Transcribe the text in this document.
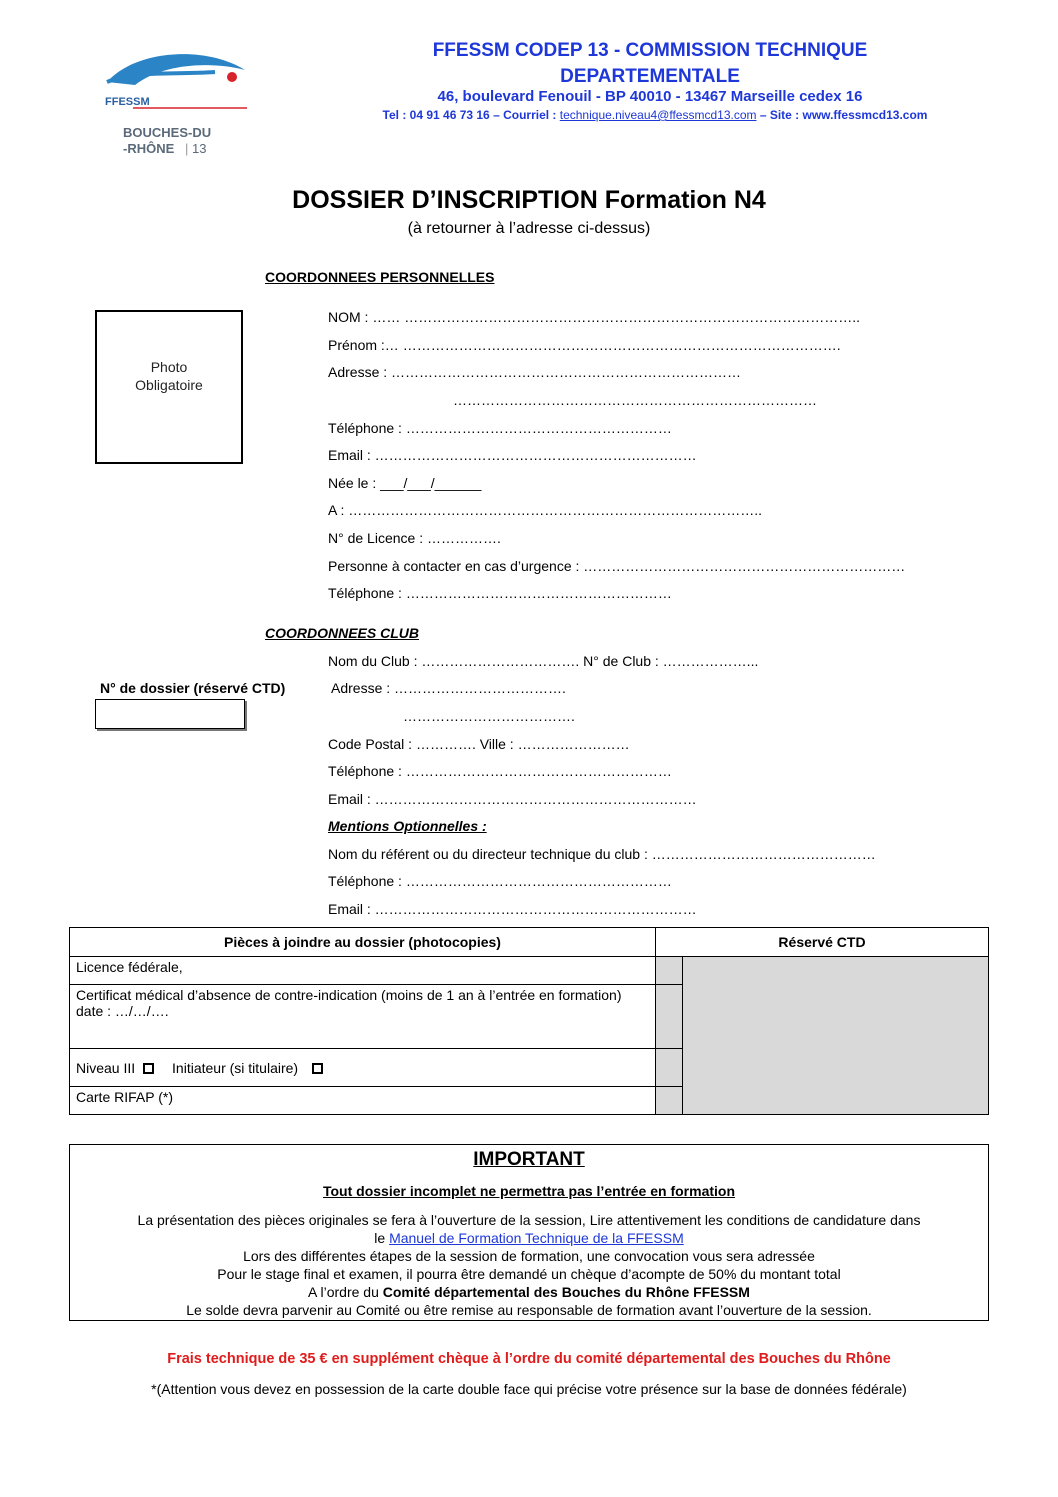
FFESSM
BOUCHES-DU
-RHÔNE | 13
FFESSM CODEP 13 - COMMISSION TECHNIQUE
DEPARTEMENTALE
46, boulevard Fenouil - BP 40010 - 13467 Marseille cedex 16
Tel : 04 91 46 73 16 – Courriel : technique.niveau4@ffessmcd13.com – Site : www.ffessmcd13.com
DOSSIER D’INSCRIPTION Formation N4
(à retourner à l’adresse ci-dessus)
COORDONNEES PERSONNELLES
Photo
Obligatoire
NOM : …… ……………………………………………………………………………………..
Prénom :… ………………………………………………………………………………….
Adresse : …………………………………………………………………
……………………………………………………………………
Téléphone : …………………………………………………
Email : ……………………………………………………………
Née le : ___/___/______
A : ……………………………………………………………………………..
N° de Licence : …………….
Personne à contacter en cas d’urgence : ……………………………………………………………
Téléphone : …………………………………………………
COORDONNEES CLUB
Nom du Club : ……………………………. N° de Club : ………………...
N° de dossier (réservé CTD)	Adresse : ……………………………….
……………………………….
Code Postal : …………. Ville : ……………………
Téléphone : …………………………………………………
Email : ……………………………………………………………
Mentions Optionnelles :
Nom du référent ou du directeur technique du club : …………………………………………
Téléphone : …………………………………………………
Email : ……………………………………………………………
Pièces à joindre au dossier (photocopies)	Réservé CTD	
Licence fédérale,		

Certificat médical d’absence de contre-indication (moins de 1 an à l’entrée en formation)
date : …/…/….		

Niveau III Initiateur (si titulaire)		
Carte RIFAP (*)		
IMPORTANT
Tout dossier incomplet ne permettra pas l’entrée en formation
La présentation des pièces originales se fera à l’ouverture de la session, Lire attentivement les conditions de candidature dans
le Manuel de Formation Technique de la FFESSM
Lors des différentes étapes de la session de formation, une convocation vous sera adressée
Pour le stage final et examen, il pourra être demandé un chèque d’acompte de 50% du montant total
A l’ordre du Comité départemental des Bouches du Rhône FFESSM
Le solde devra parvenir au Comité ou être remise au responsable de formation avant l’ouverture de la session.
Frais technique de 35 € en supplément chèque à l’ordre du comité départemental des Bouches du Rhône
*(Attention vous devez en possession de la carte double face qui précise votre présence sur la base de données fédérale)
